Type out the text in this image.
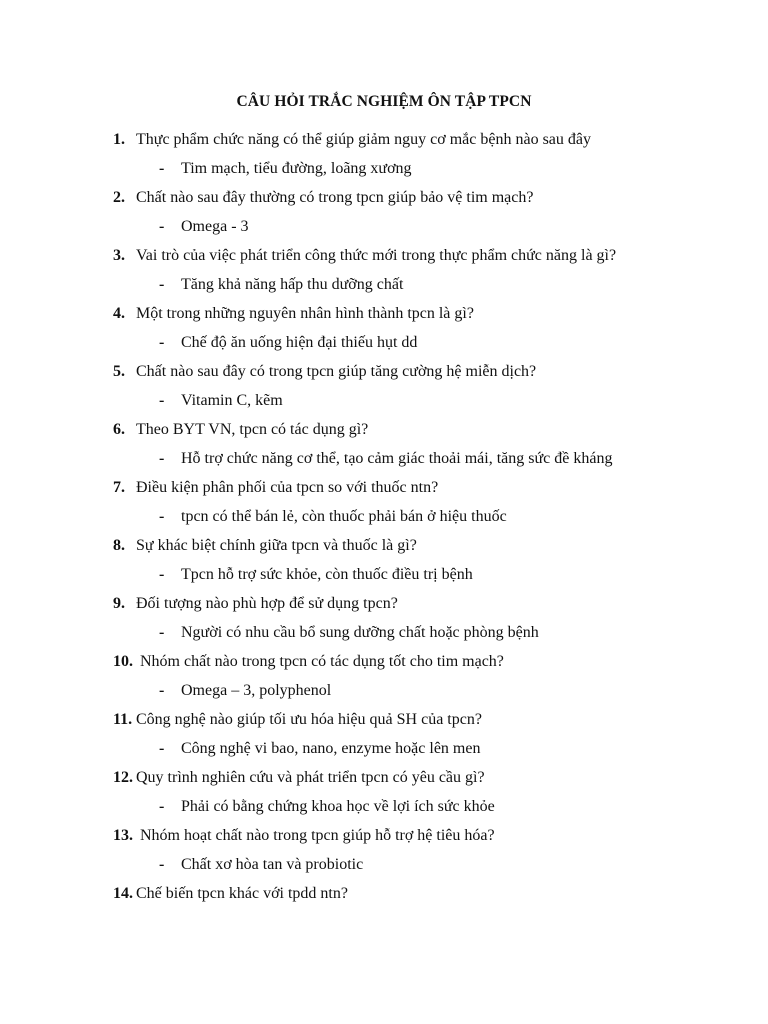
CÂU HỎI TRẮC NGHIỆM ÔN TẬP TPCN
1. Thực phẩm chức năng có thể giúp giảm nguy cơ mắc bệnh nào sau đây
- Tim mạch, tiểu đường, loãng xương
2. Chất nào sau đây thường có trong tpcn giúp bảo vệ tim mạch?
- Omega - 3
3. Vai trò của việc phát triển công thức mới trong thực phẩm chức năng là gì?
- Tăng khả năng hấp thu dưỡng chất
4. Một trong những nguyên nhân hình thành tpcn là gì?
- Chế độ ăn uống hiện đại thiếu hụt dd
5. Chất nào sau đây có trong tpcn giúp tăng cường hệ miễn dịch?
- Vitamin C, kẽm
6. Theo BYT VN, tpcn có tác dụng gì?
- Hỗ trợ chức năng cơ thể, tạo cảm giác thoải mái, tăng sức đề kháng
7. Điều kiện phân phối của tpcn so với thuốc ntn?
- tpcn có thể bán lẻ, còn thuốc phải bán ở hiệu thuốc
8. Sự khác biệt chính giữa tpcn và thuốc là gì?
- Tpcn hỗ trợ sức khỏe, còn thuốc điều trị bệnh
9. Đối tượng nào phù hợp để sử dụng tpcn?
- Người có nhu cầu bổ sung dưỡng chất hoặc phòng bệnh
10. Nhóm chất nào trong tpcn có tác dụng tốt cho tim mạch?
- Omega – 3, polyphenol
11. Công nghệ nào giúp tối ưu hóa hiệu quả SH của tpcn?
- Công nghệ vi bao, nano, enzyme hoặc lên men
12. Quy trình nghiên cứu và phát triển tpcn có yêu cầu gì?
- Phải có bằng chứng khoa học về lợi ích sức khỏe
13. Nhóm hoạt chất nào trong tpcn giúp hỗ trợ hệ tiêu hóa?
- Chất xơ hòa tan và probiotic
14. Chế biến tpcn khác với tpdd ntn?
